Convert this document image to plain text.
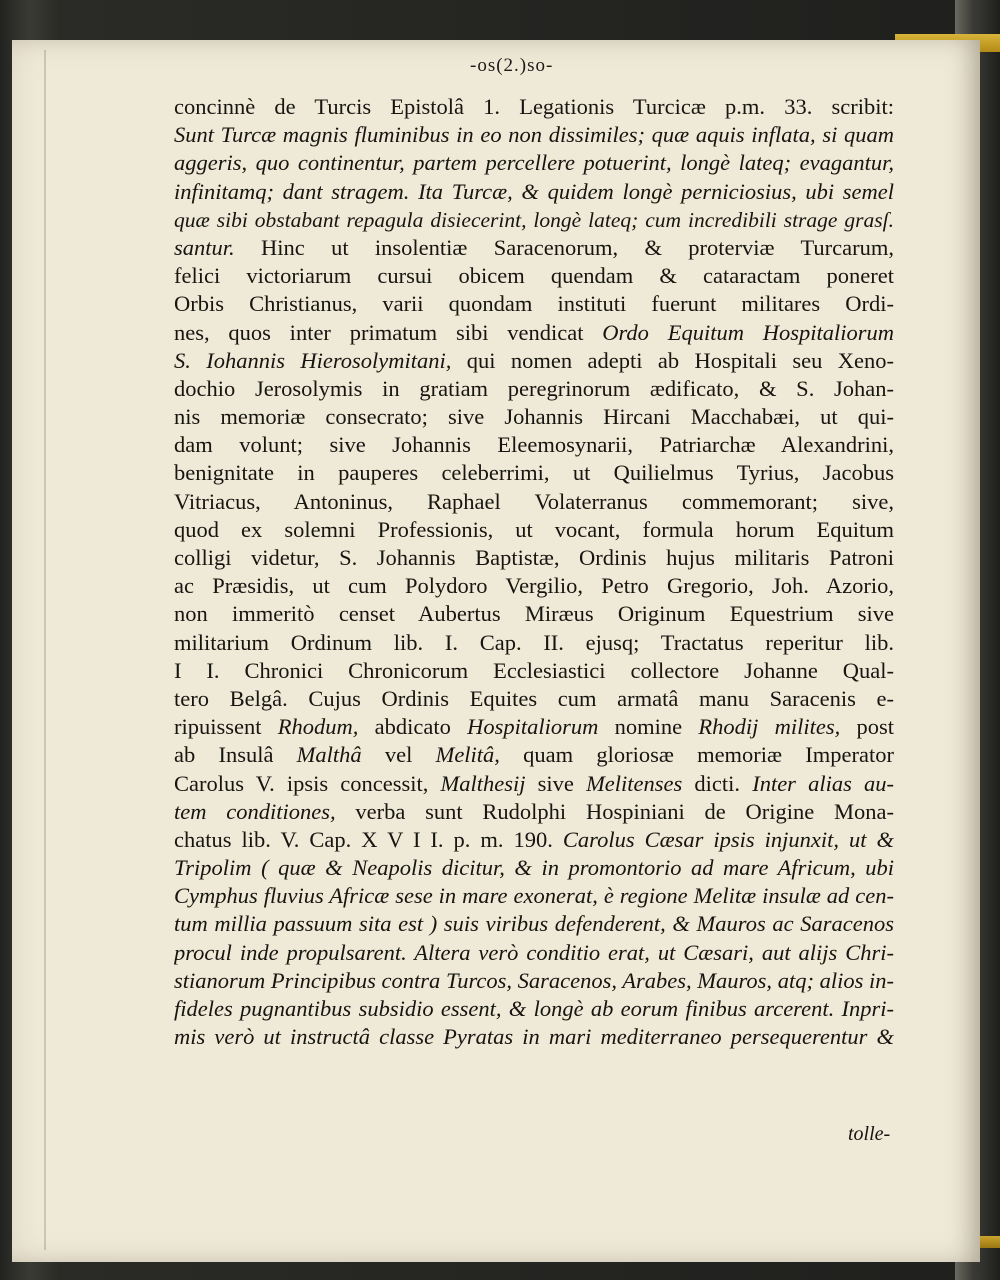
-os(2.)so-
concinnè de Turcis Epistolâ 1. Legationis Turcicæ p.m. 33. scribit:
Sunt Turcæ magnis fluminibus in eo non dissimiles; quæ aquis inflata, si quam
aggeris, quo continentur, partem percellere potuerint, longè lateq; evagantur,
infinitamq; dant stragem. Ita Turcæ, & quidem longè perniciosius, ubi semel
quæ sibi obstabant repagula disiecerint, longè lateq; cum incredibili strage grasſ.
santur. Hinc ut insolentiæ Saracenorum, & proterviæ Turcarum,
felici victoriarum cursui obicem quendam & cataractam poneret
Orbis Christianus, varii quondam instituti fuerunt militares Ordi-
nes, quos inter primatum sibi vendicat Ordo Equitum Hospitaliorum
S. Iohannis Hierosolymitani, qui nomen adepti ab Hospitali seu Xeno-
dochio Jerosolymis in gratiam peregrinorum ædificato, & S. Johan-
nis memoriæ consecrato; sive Johannis Hircani Macchabæi, ut qui-
dam volunt; sive Johannis Eleemosynarii, Patriarchæ Alexandrini,
benignitate in pauperes celeberrimi, ut Quilielmus Tyrius, Jacobus
Vitriacus, Antoninus, Raphael Volaterranus commemorant; sive,
quod ex solemni Professionis, ut vocant, formula horum Equitum
colligi videtur, S. Johannis Baptistæ, Ordinis hujus militaris Patroni
ac Præsidis, ut cum Polydoro Vergilio, Petro Gregorio, Joh. Azorio,
non immeritò censet Aubertus Miræus Originum Equestrium sive
militarium Ordinum lib. I. Cap. II. ejusq; Tractatus reperitur lib.
I I. Chronici Chronicorum Ecclesiastici collectore Johanne Qual-
tero Belgâ. Cujus Ordinis Equites cum armatâ manu Saracenis e-
ripuissent Rhodum, abdicato Hospitaliorum nomine Rhodij milites, post
ab Insulâ Malthâ vel Melitâ, quam gloriosæ memoriæ Imperator
Carolus V. ipsis concessit, Malthesij sive Melitenses dicti. Inter alias au-
tem conditiones, verba sunt Rudolphi Hospiniani de Origine Mona-
chatus lib. V. Cap. X V I I. p. m. 190. Carolus Cæsar ipsis injunxit, ut &
Tripolim ( quæ & Neapolis dicitur, & in promontorio ad mare Africum, ubi
Cymphus fluvius Africæ sese in mare exonerat, è regione Melitæ insulæ ad cen-
tum millia passuum sita est ) suis viribus defenderent, & Mauros ac Saracenos
procul inde propulsarent. Altera verò conditio erat, ut Cæsari, aut alijs Chri-
stianorum Principibus contra Turcos, Saracenos, Arabes, Mauros, atq; alios in-
fideles pugnantibus subsidio essent, & longè ab eorum finibus arcerent. Inpri-
mis verò ut instructâ classe Pyratas in mari mediterraneo persequerentur &
tolle-
